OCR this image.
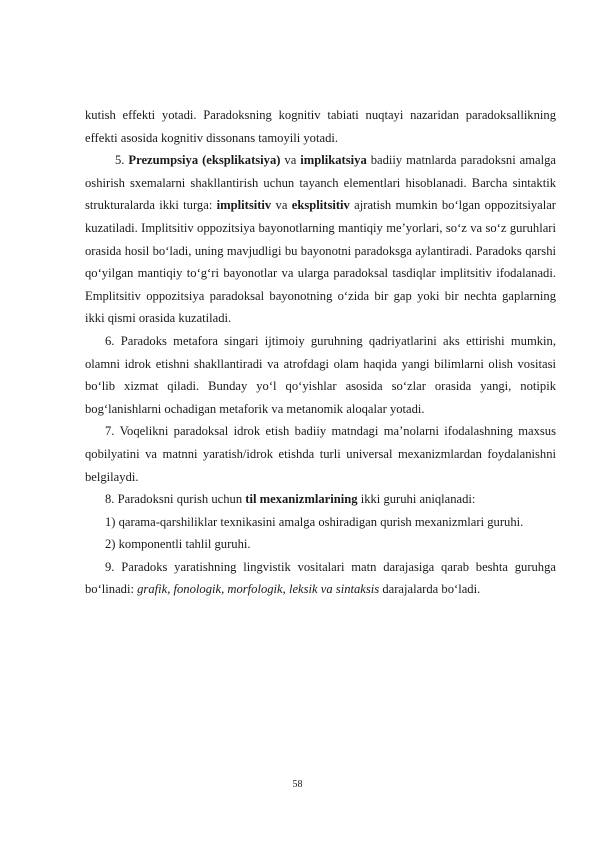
kutish effekti yotadi. Paradoksning kognitiv tabiati nuqtayi nazaridan paradoksallikning effekti asosida kognitiv dissonans tamoyili yotadi.

5. Prezumpsiya (eksplikatsiya) va implikatsiya badiiy matnlarda paradoksni amalga oshirish sxemalarni shakllantirish uchun tayanch elementlari hisoblanadi. Barcha sintaktik strukturalarda ikki turga: implitsitiv va eksplitsitiv ajratish mumkin bo‘lgan oppozitsiyalar kuzatiladi. Implitsitiv oppozitsiya bayonotlarning mantiqiy me’yorlari, so‘z va so‘z guruhlari orasida hosil bo‘ladi, uning mavjudligi bu bayonotni paradoksga aylantiradi. Paradoks qarshi qo‘yilgan mantiqiy to‘g‘ri bayonotlar va ularga paradoksal tasdiqlar implitsitiv ifodalanadi. Emplitsitiv oppozitsiya paradoksal bayonotning o‘zida bir gap yoki bir nechta gaplarning ikki qismi orasida kuzatiladi.

6. Paradoks metafora singari ijtimoiy guruhning qadriyatlarini aks ettirishi mumkin, olamni idrok etishni shakllantiradi va atrofdagi olam haqida yangi bilimlarni olish vositasi bo‘lib xizmat qiladi. Bunday yo‘l qo‘yishlar asosida so‘zlar orasida yangi, notipik bog‘lanishlarni ochadigan metaforik va metanomik aloqalar yotadi.

7. Voqelikni paradoksal idrok etish badiiy matndagi ma’nolarni ifodalashning maxsus qobilyatini va matnni yaratish/idrok etishda turli universal mexanizmlardan foydalanishni belgilaydi.

8. Paradoksni qurish uchun til mexanizmlarining ikki guruhi aniqlanadi:

1) qarama-qarshiliklar texnikasini amalga oshiradigan qurish mexanizmlari guruhi.

2) komponentli tahlil guruhi.

9. Paradoks yaratishning lingvistik vositalari matn darajasiga qarab beshta guruhga bo‘linadi: grafik, fonologik, morfologik, leksik va sintaksis darajalarda bo‘ladi.

58
